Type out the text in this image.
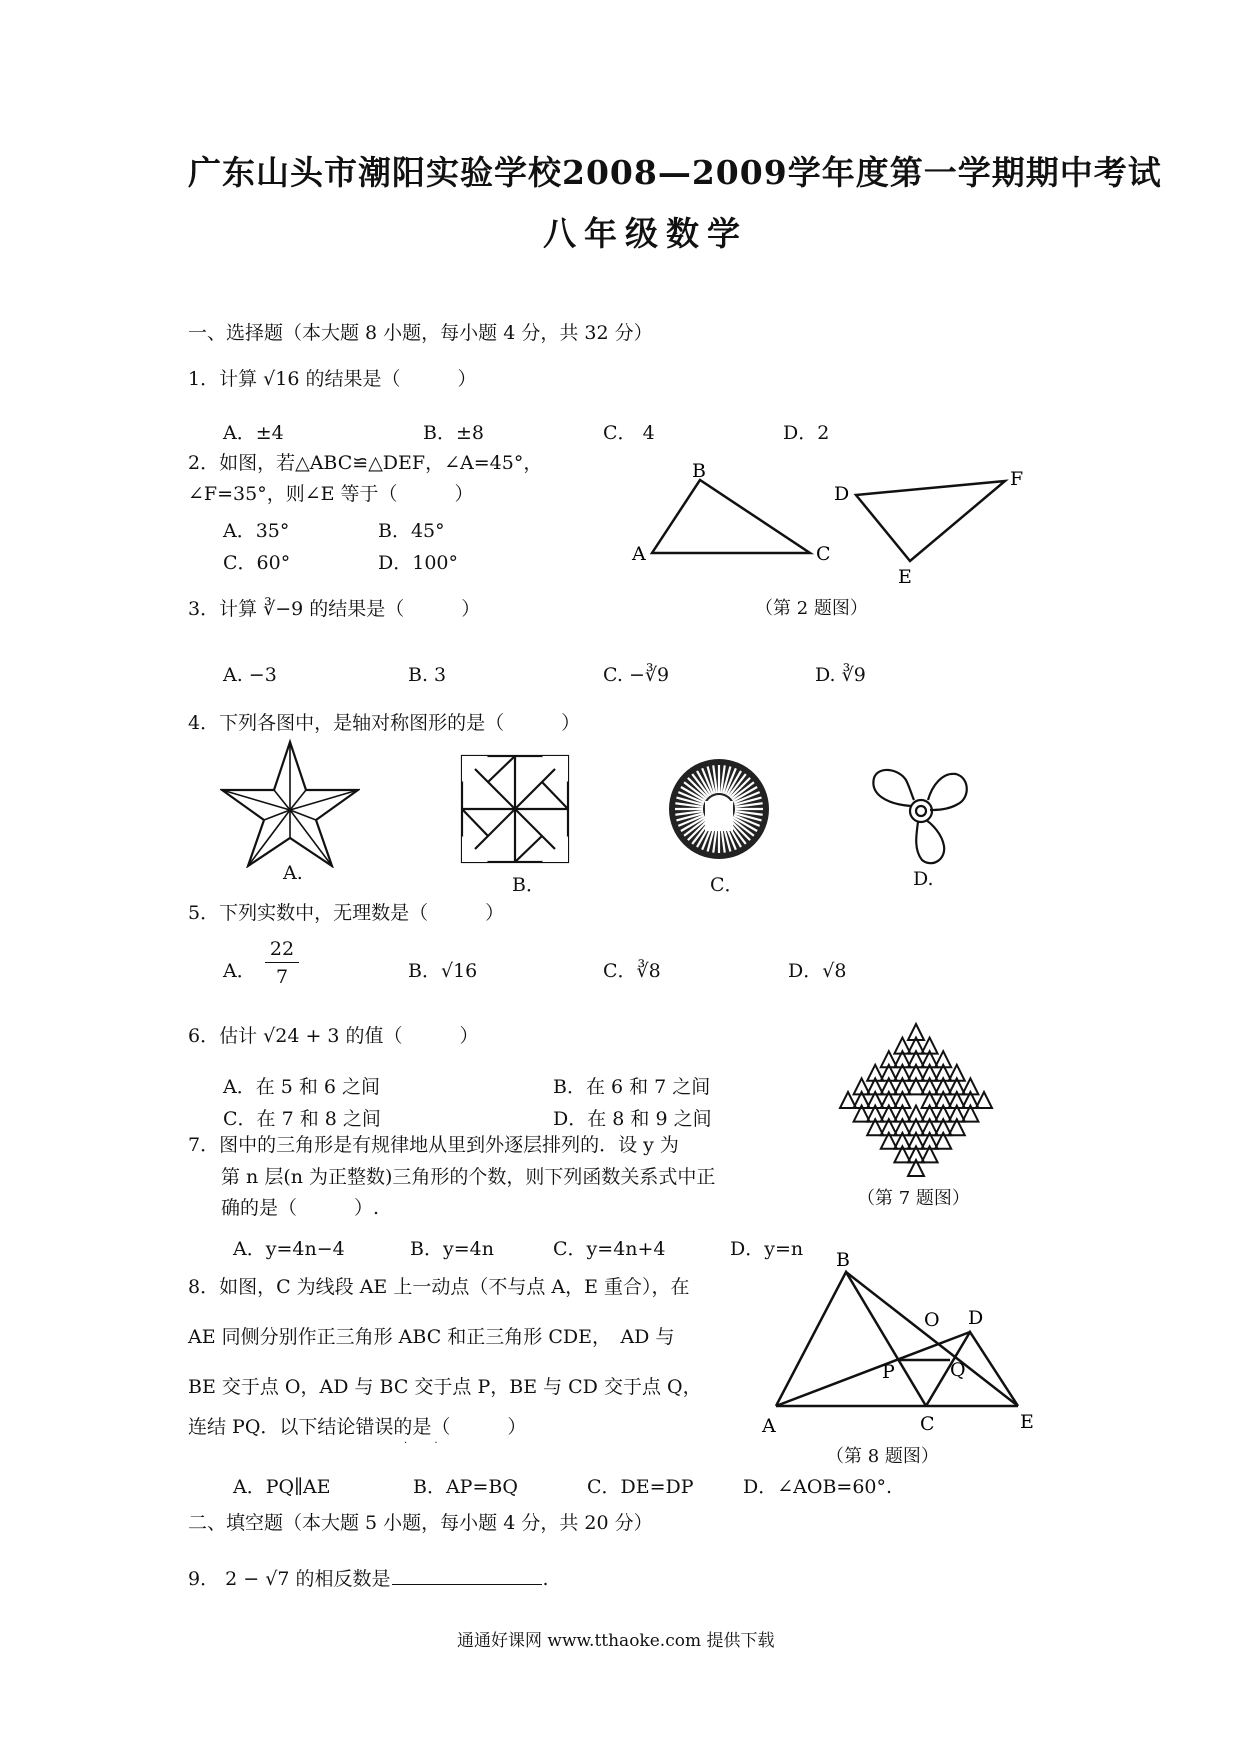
广东山头市潮阳实验学校2008—2009学年度第一学期期中考试
八年级数学
一、选择题（本大题 8 小题，每小题 4 分，共 32 分）
1．计算 √16 的结果是（　　　）
A．±4	B．±8	C． 4	D．2
2．如图，若△ABC≌△DEF，∠A=45°，
∠F=35°，则∠E 等于（　　　）
A．35°	B．45°
C．60°	D．100°	A
B
C
D
E
F
（第 2 题图）
3．计算 ∛−9 的结果是（　　　）
A. −3	B. 3	C. −∛9	D. ∛9
4．下列各图中，是轴对称图形的是（　　　）
A.
B．	C．	D.
5．下列实数中，无理数是（　　　）
A． $\frac{22}{7}$	B．√16	C．∛8	D．√8
6．估计 √24 + 3 的值（　　　）
A．在 5 和 6 之间	B．在 6 和 7 之间
C．在 7 和 8 之间	D．在 8 和 9 之间
（第 7 题图）
7．图中的三角形是有规律地从里到外逐层排列的．设 y 为
第 n 层(n 为正整数)三角形的个数，则下列函数关系式中正
确的是（　　　）.
A．y=4n−4	B．y=4n	C．y=4n+4	D．y=n
8．如图，C 为线段 AE 上一动点（不与点 A，E 重合），在
AE 同侧分别作正三角形 ABC 和正三角形 CDE，　AD 与
BE 交于点 O，AD 与 BC 交于点 P，BE 与 CD 交于点 Q，
连结 PQ．以下结论错误的是（　　　）
· ·
B
O D
P	Q
A	C	E
（第 8 题图）
A．PQ∥AE	B．AP=BQ	C．DE=DP	D．∠AOB=60°.
二、填空题（本大题 5 小题，每小题 4 分，共 20 分）
9． 2 − √7 的相反数是	.
通通好课网 www.tthaoke.com 提供下载
